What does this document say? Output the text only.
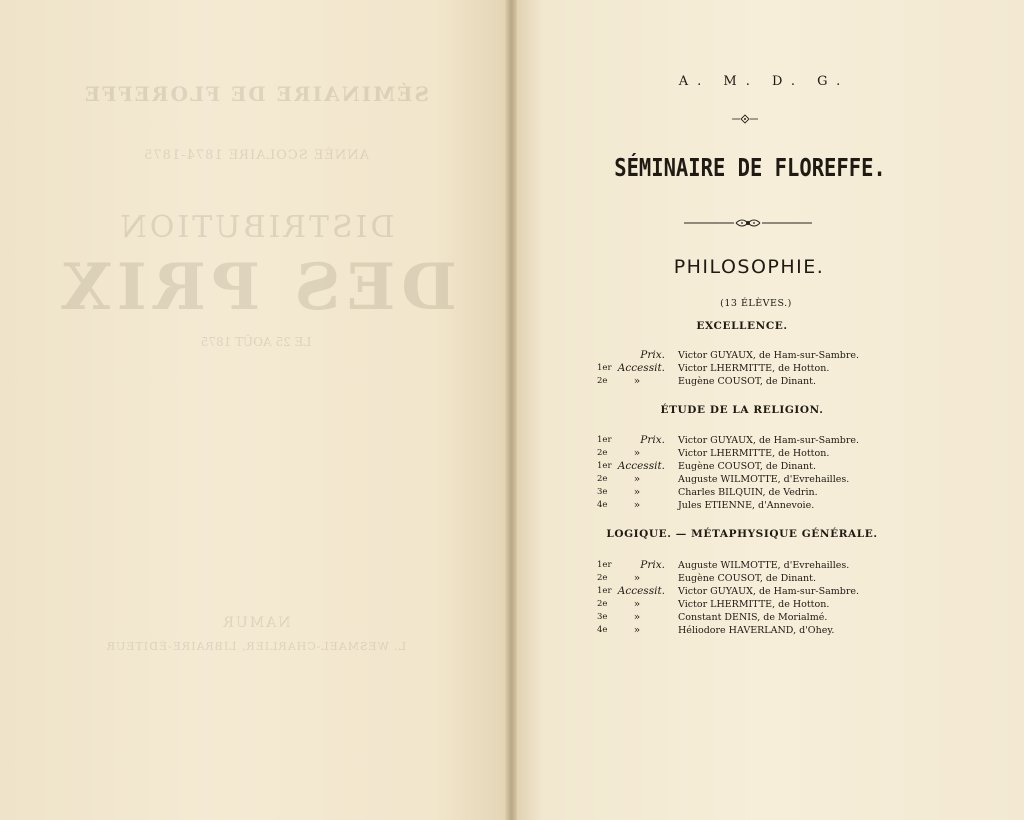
SÉMINAIRE DE FLOREFFE
ANNÉE SCOLAIRE 1874-1875
DISTRIBUTION
DES PRIX
LE 25 AOÛT 1875
NAMUR
L. WESMAEL-CHARLIER, LIBRAIRE-ÉDITEUR
A. M. D. G.
SÉMINAIRE DE FLOREFFE.
PHILOSOPHIE.
(13 ÉLÈVES.)
EXCELLENCE.
Prix. Victor GUYAUX, de Ham-sur-Sambre.
1er Accessit. Victor LHERMITTE, de Hotton.
2e	»	Eugène COUSOT, de Dinant.
ÉTUDE DE LA RELIGION.
1er	Prix. Victor GUYAUX, de Ham-sur-Sambre.
2e	»	Victor LHERMITTE, de Hotton.
1er Accessit. Eugène COUSOT, de Dinant.
2e	»	Auguste WILMOTTE, d'Evrehailles.
3e	»	Charles BILQUIN, de Vedrin.
4e	»	Jules ETIENNE, d'Annevoie.
LOGIQUE. — MÉTAPHYSIQUE GÉNÉRALE.
1er	Prix. Auguste WILMOTTE, d'Evrehailles.
2e	»	Eugène COUSOT, de Dinant.
1er Accessit. Victor GUYAUX, de Ham-sur-Sambre.
2e	»	Victor LHERMITTE, de Hotton.
3e	»	Constant DENIS, de Morialmé.
4e	»	Héliodore HAVERLAND, d'Ohey.
